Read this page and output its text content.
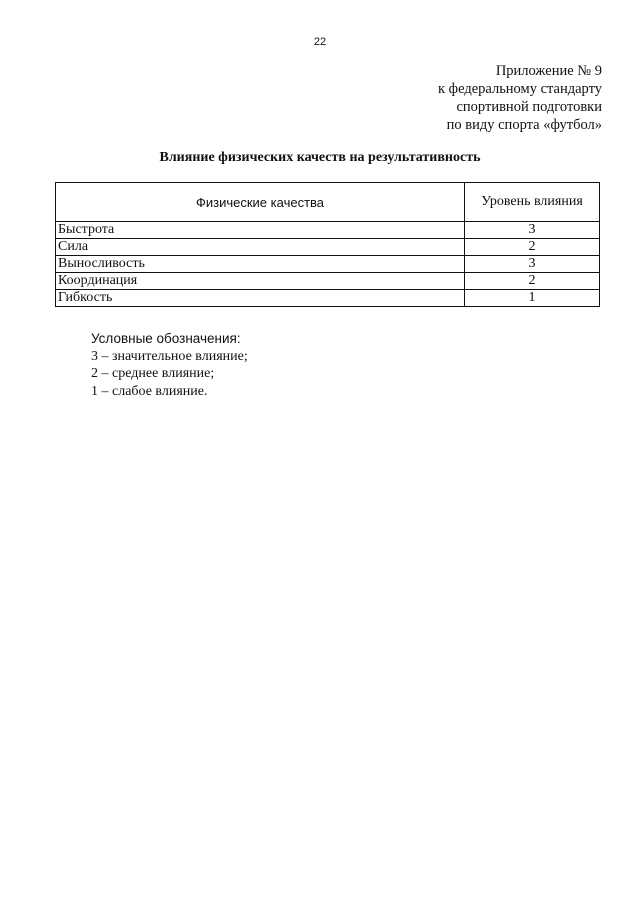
22
Приложение № 9
к федеральному стандарту
спортивной подготовки
по виду спорта «футбол»
Влияние физических качеств на результативность
Физические качества	Уровень влияния
Быстрота	3
Сила	2
Выносливость	3
Координация	2
Гибкость	1
Условные обозначения:
3 – значительное влияние;
2 – среднее влияние;
1 – слабое влияние.
